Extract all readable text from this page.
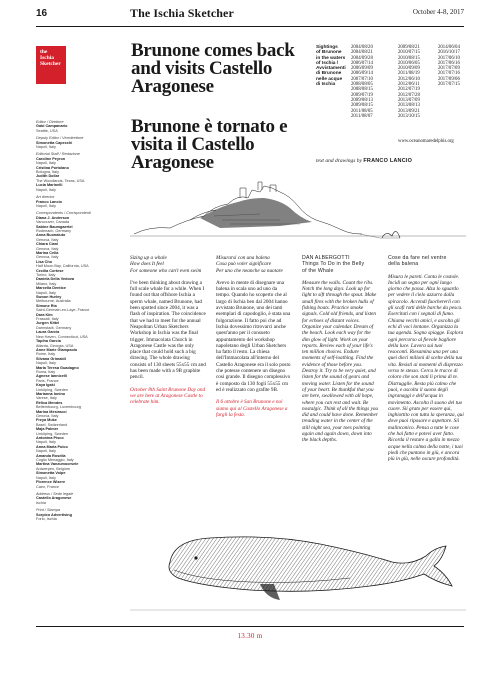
16	The Ischia Sketcher	October 4-8, 2017
the
Ischia
Sketcher
Editor / Direttore
Gabi Campanario
Seattle, USA
Deputy Editor / Vicedirettore
Simonetta Capecchi
Napoli, Italy
Editorial Staff / Redazione
Caroline Peyron
Napoli, Italy
Cristina Portolano
Bologna, Italy
Judith Dollar
The Woodlands, Texas, USA
Lucia Marinelli
Napoli, Italy
Art director
Franco Lancio
Napoli, Italy
Correspondents / Corrispondenti
Diana J. Anderson
Vancouver, Canada
Sabine Baumgaertel
Rodenach, Germany
Anna Buonaiuto
Genova, Italy
Chiara Ciani
Genova, Italy
Marina Cella
Genova, Italy
Lisa Cho
Half Moon Bay, California, USA
Cecilia Cortese
Torino, Italy
Daniela Della Vedova
Milano, Italy
Marcella Dentice
Napoli, Italy
Swoon Hurley
Melbourne, Australia
Simone Ria
Saint-Germain-en-Laye, France
Dara Kim
Frascati, Italy
Jurgen Kittel
Darmstadt, Germany
Laura Garcia
New Haven, Connecticut, USA
Tapiha Garcia
Atlanta, Georgia, USA
Anne Marie Giampaolo
Rome, Italy
Silvana Grimaldi
Napoli, Italy
Maria Teresa Guadagno
Roma, Italy
Agnese Iannicelli
Paris, France
Kaya Igaki
Linköping, Sweden
Marianna Ionino
Varese, Italy
Rélica Mendes
Bettembourg, Luxembourg
Marina Mesiracci
Genova, Italy
Freya Muke
Basel, Switzerland
Maja Palmer
Linköping, Sweden
Antonina Pisco
Napoli, Italy
Anna Maria Pulco
Napoli, Italy
Amanda Rosella
Coglio Menaggio, Italy
Martina Vanzumoorsele
Antwerpen, Belgium
Simonetta Volpe
Napoli, Italy
Florence Wizere
Caen, France
Address / Sede legale
Castello Aragonese
Ischia
Print / Stampa
Sorpico Advertising
Forio, Ischia
Brunone comes back and visits Castello Aragonese
Brunone è tornato e visita il Castello Aragonese
Sightings
of Brunone
in the waters
of Ischia /
Avvistamenti
di Brunone
nelle acque
di Ischia
2004/08/20
2004/08/21
2004/09/28
2006/07/14
2006/09/09
2006/09/14
2007/07/10
2008/08/05
2008/08/15
2009/07/19
2009/08/13
2009/08/15
2011/08/05
2011/08/07
2009/08/21
2010/07/15
2010/08/15
2010/06/05
2010/09/09
2011/08/19
2012/06/10
2012/06/11
2012/07/19
2012/07/28
2013/07/09
2013/08/13
2013/09/21
2013/10/15
2014/06/04
2016/10/17
2017/06/10
2017/06/16
2017/07/09
2017/07/16
2017/09/06
2017/07/15
www.oceanomaredelphis.org
text and drawings by FRANCO LANCIO
Sizing up a whale
How does It feel
For someone who can't even swim

I've been thinking about drawing a full scale whale for a while. When I found out that offshore Ischia a sperm whale, named Brunone, had been spotted since 2004, it was a flash of inspiration. The coincidence that we had to meet for the annual Neapolitan Urban Sketchers Workshop in Ischia was the final trigger. Immacolata Church in Aragonese Castle was the only place that could hold such a big drawing. The whole drawing consists of 130 sheets 55x55 cm and has been made with a 9B graphite pencil.

October 8th Saint Brunone Day and we are here at Aragonese Castle to celebrate him.

Misurarsi con una balena
Cosa può voler significare
Per uno che neanche sa nuotare

Avevo in mente di disegnare una balena in scala uno ad uno da tempo. Quando ho scoperto che al largo di Ischia ben dal 2004 hanno avvistato Brunone, uno dei tanti esemplari di capodoglio, è stata una folgorazione. Il fatto poi che ad Ischia dovessimo ritrovarci anche quest'anno per il consueto appuntamento del workshop napoletano degli Urban Sketchers ha fatto il resto. La chiesa dell'Immacolata all'interno del Castello Aragonese era il solo posto che potesse contenere un disegno così grande. Il disegno complessivo è composto da 130 fogli 55x55 cm ed è realizzato con grafite 9B.

Il 6 ottobre è San Brunone e noi siamo qui al Castello Aragonese a fargli la festa.

DAN ALBERGOTTI
Things To Do in the Belly
of the Whale

Measure the walls. Count the ribs. Notch the long days. Look up for light to sift through the spout. Make small fires with the broken hulls of fishing boats. Practice smoke signals. Cold old friends, and listen for echoes of distant voices. Organize your calendar. Dream of the beach. Look each way for the dim glow of light. Work on your reports. Review each of your life's ten million choices. Endure moments of self-loathing. Find the evidence of those before you. Destroy it. Try to be very quiet, and listen for the sound of gears and moving water. Listen for the sound of your heart. Be thankful that you are here, swallowed with all hope, where you can rest and wait. Be nostalgic. Think of all the things you did and could have done. Remember treading water in the center of the still night sea, your toes pointing again and again down, down into the black depths.

Cose da fare nel ventre
della balena

Misura le pareti. Conta le costole. Incidi un segno per ogni lungo giorno che passa. Alza lo sguardo per vedere il cielo azzurro dalla spiracolo. Accendi fuochererli con gli scafi rotti delle barche da pesca. Esercitati con i segnali di fumo. Chiama vecchi amici, e ascolta gli echi di voci lontane. Organizza la tua agenda. Sogna spiagge. Esplora ogni percorso al fievole bagliore della luce. Lavora sui tuoi resoconti. Riesamina una per una quei dieci milioni di scelte della tua vita. Resisti ai momenti di disprezzo verso te stesso. Cerca le tracce di coloro che son stati lì prima di te. Distruggile. Resta più calmo che puoi, e ascolta il suono degli ingranaggi e dell'acqua in movimento. Ascolta il suono del tuo cuore. Sii grato per essere qui, inghiottito con tutta la speranza, qui dove puoi riposare e aspettare. Sii malinconico. Pensa a tutte le cose che hai fatto e potevi aver fatto. Ricorda il restare a galla in mezzo acque nella calma della notte, i tuoi piedi che puntano in giù, e ancora più in giù, nelle oscure profondità.

13.30 m
